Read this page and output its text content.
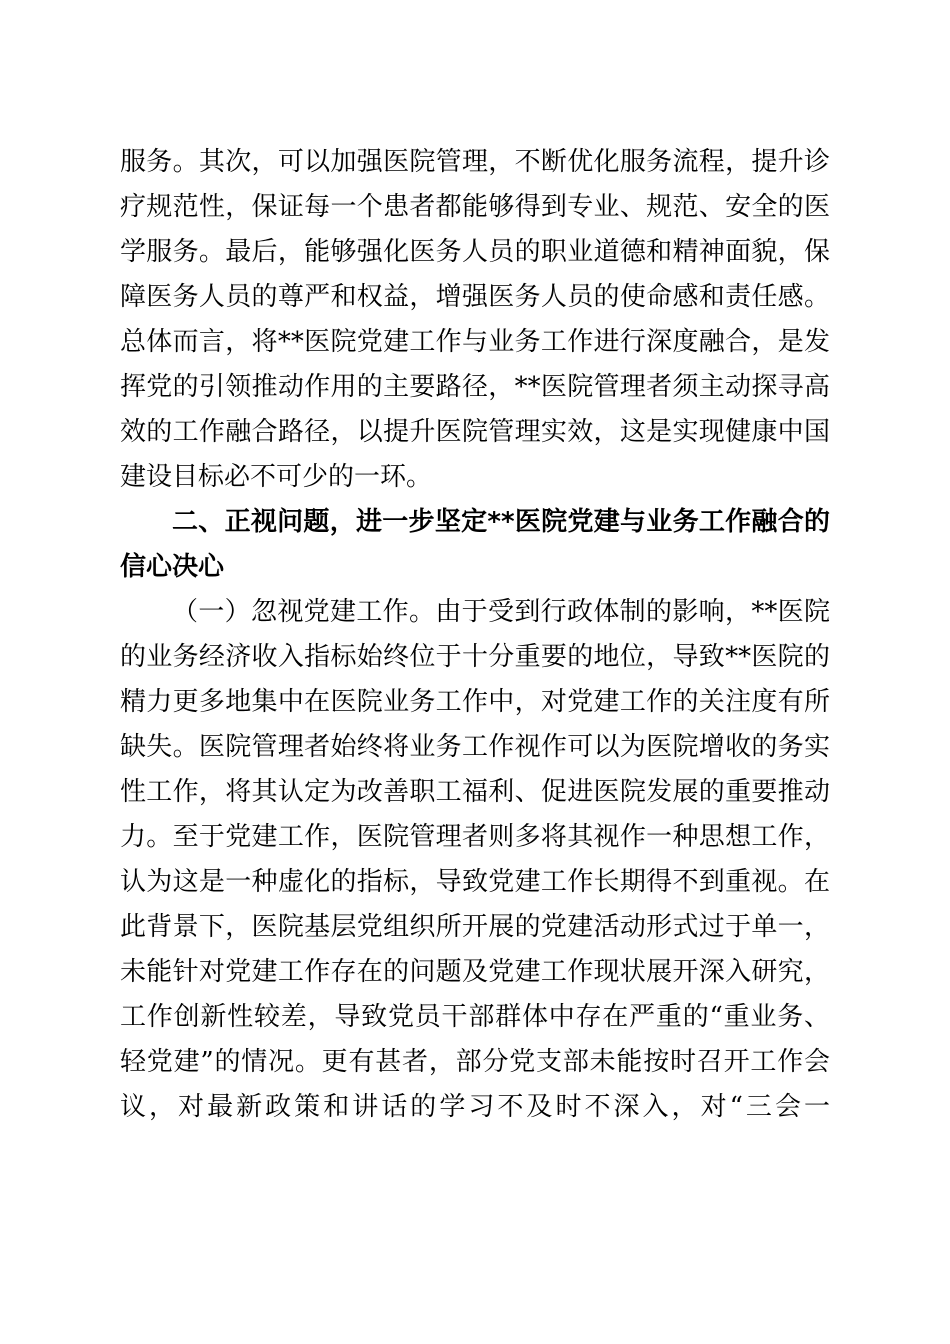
服务。其次，可以加强医院管理，不断优化服务流程，提升诊
疗规范性，保证每一个患者都能够得到专业、规范、安全的医
学服务。最后，能够强化医务人员的职业道德和精神面貌，保
障医务人员的尊严和权益，增强医务人员的使命感和责任感。
总体而言，将**医院党建工作与业务工作进行深度融合，是发
挥党的引领推动作用的主要路径，**医院管理者须主动探寻高
效的工作融合路径，以提升医院管理实效，这是实现健康中国
建设目标必不可少的一环。
二、正视问题，进一步坚定**医院党建与业务工作融合的
信心决心
（一）忽视党建工作。由于受到行政体制的影响，**医院
的业务经济收入指标始终位于十分重要的地位，导致**医院的
精力更多地集中在医院业务工作中，对党建工作的关注度有所
缺失。医院管理者始终将业务工作视作可以为医院增收的务实
性工作，将其认定为改善职工福利、促进医院发展的重要推动
力。至于党建工作，医院管理者则多将其视作一种思想工作，
认为这是一种虚化的指标，导致党建工作长期得不到重视。在
此背景下，医院基层党组织所开展的党建活动形式过于单一，
未能针对党建工作存在的问题及党建工作现状展开深入研究，
工作创新性较差，导致党员干部群体中存在严重的“重业务、
轻党建”的情况。更有甚者，部分党支部未能按时召开工作会
议，对最新政策和讲话的学习不及时不深入，对“三会一
